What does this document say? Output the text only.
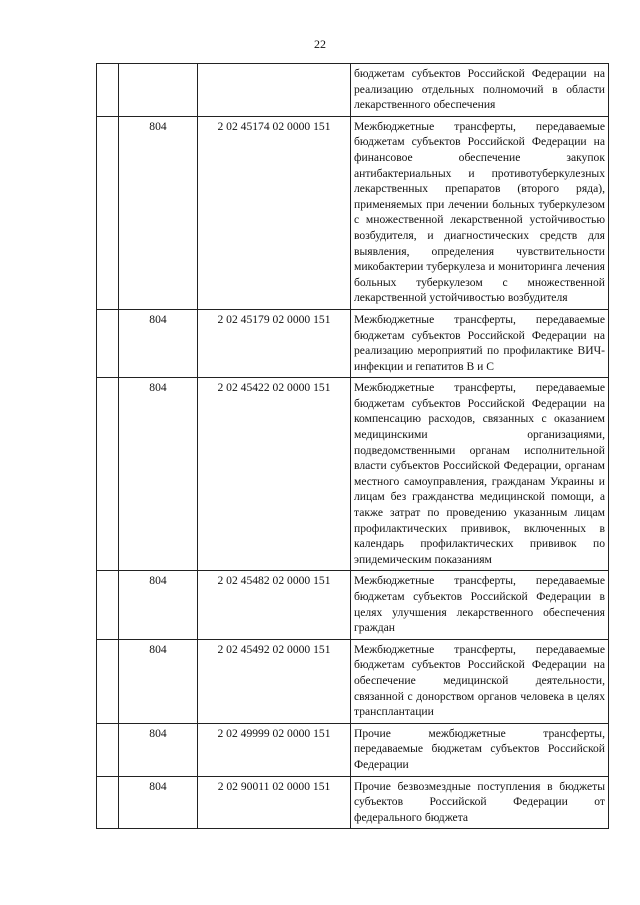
22
			бюджетам субъектов Российской Федерации на реализацию отдельных полномочий в области лекарственного обеспечения
	804	2 02 45174 02 0000 151	Межбюджетные трансферты, передаваемые бюджетам субъектов Российской Федерации на финансовое обеспечение закупок антибактериальных и противотуберкулезных лекарственных препаратов (второго ряда), применяемых при лечении больных туберкулезом с множественной лекарственной устойчивостью возбудителя, и диагностических средств для выявления, определения чувствительности микобактерии туберкулеза и мониторинга лечения больных туберкулезом с множественной лекарственной устойчивостью возбудителя
	804	2 02 45179 02 0000 151	Межбюджетные трансферты, передаваемые бюджетам субъектов Российской Федерации на реализацию мероприятий по профилактике ВИЧ-инфекции и гепатитов B и C
	804	2 02 45422 02 0000 151	Межбюджетные трансферты, передаваемые бюджетам субъектов Российской Федерации на компенсацию расходов, связанных с оказанием медицинскими организациями, подведомственными органам исполнительной власти субъектов Российской Федерации, органам местного самоуправления, гражданам Украины и лицам без гражданства медицинской помощи, а также затрат по проведению указанным лицам профилактических прививок, включенных в календарь профилактических прививок по эпидемическим показаниям
	804	2 02 45482 02 0000 151	Межбюджетные трансферты, передаваемые бюджетам субъектов Российской Федерации в целях улучшения лекарственного обеспечения граждан
	804	2 02 45492 02 0000 151	Межбюджетные трансферты, передаваемые бюджетам субъектов Российской Федерации на обеспечение медицинской деятельности, связанной с донорством органов человека в целях трансплантации
	804	2 02 49999 02 0000 151	Прочие межбюджетные трансферты, передаваемые бюджетам субъектов Российской Федерации
	804	2 02 90011 02 0000 151	Прочие безвозмездные поступления в бюджеты субъектов Российской Федерации от федерального бюджета
